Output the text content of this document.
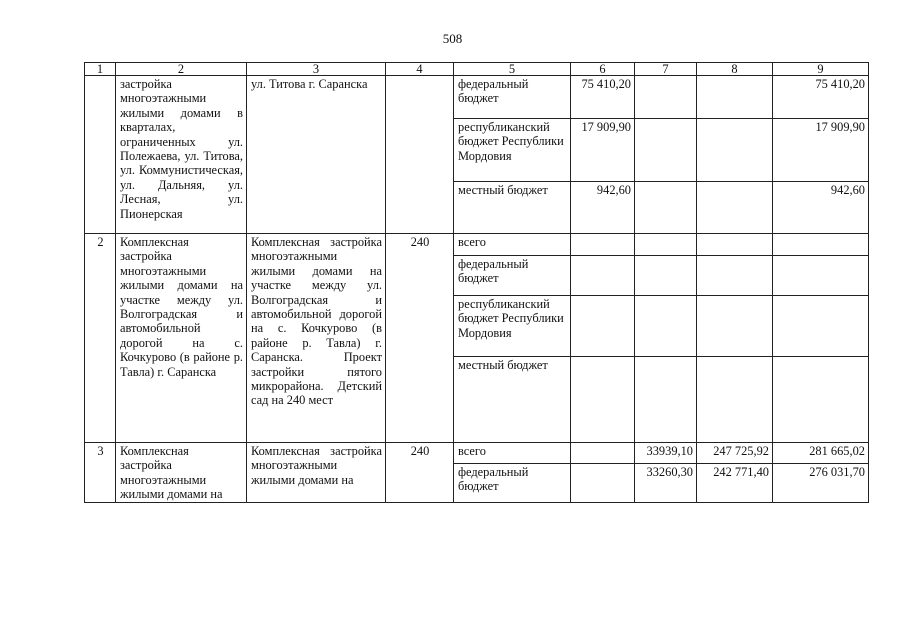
508
1	2	3	4	5	6	7	8	9
	застройка многоэтажными жилыми домами в кварталах, ограниченных ул. Полежаева, ул. Титова, ул. Коммунистическая, ул. Дальняя, ул. Лесная, ул. Пионерская	ул. Титова г. Саранска		федеральный бюджет	75 410,20			75 410,20
				республиканский бюджет Республики Мордовия	17 909,90			17 909,90
				местный бюджет	942,60			942,60
2	Комплексная застройка многоэтажными жилыми домами на участке между ул. Волгоградская и автомобильной дорогой на с. Кочкурово (в районе р. Тавла) г. Саранска	Комплексная застройка многоэтажными жилыми домами на участке между ул. Волгоградская и автомобильной дорогой на с. Кочкурово (в районе р. Тавла) г. Саранска. Проект застройки пятого микрорайона. Детский сад на 240 мест	240	всего				
				федеральный бюджет				
				республиканский бюджет Республики Мордовия				
				местный бюджет				
3	Комплексная застройка многоэтажными жилыми домами на	Комплексная застройка многоэтажными жилыми домами на	240	всего		33939,10	247 725,92	281 665,02
				федеральный бюджет		33260,30	242 771,40	276 031,70
